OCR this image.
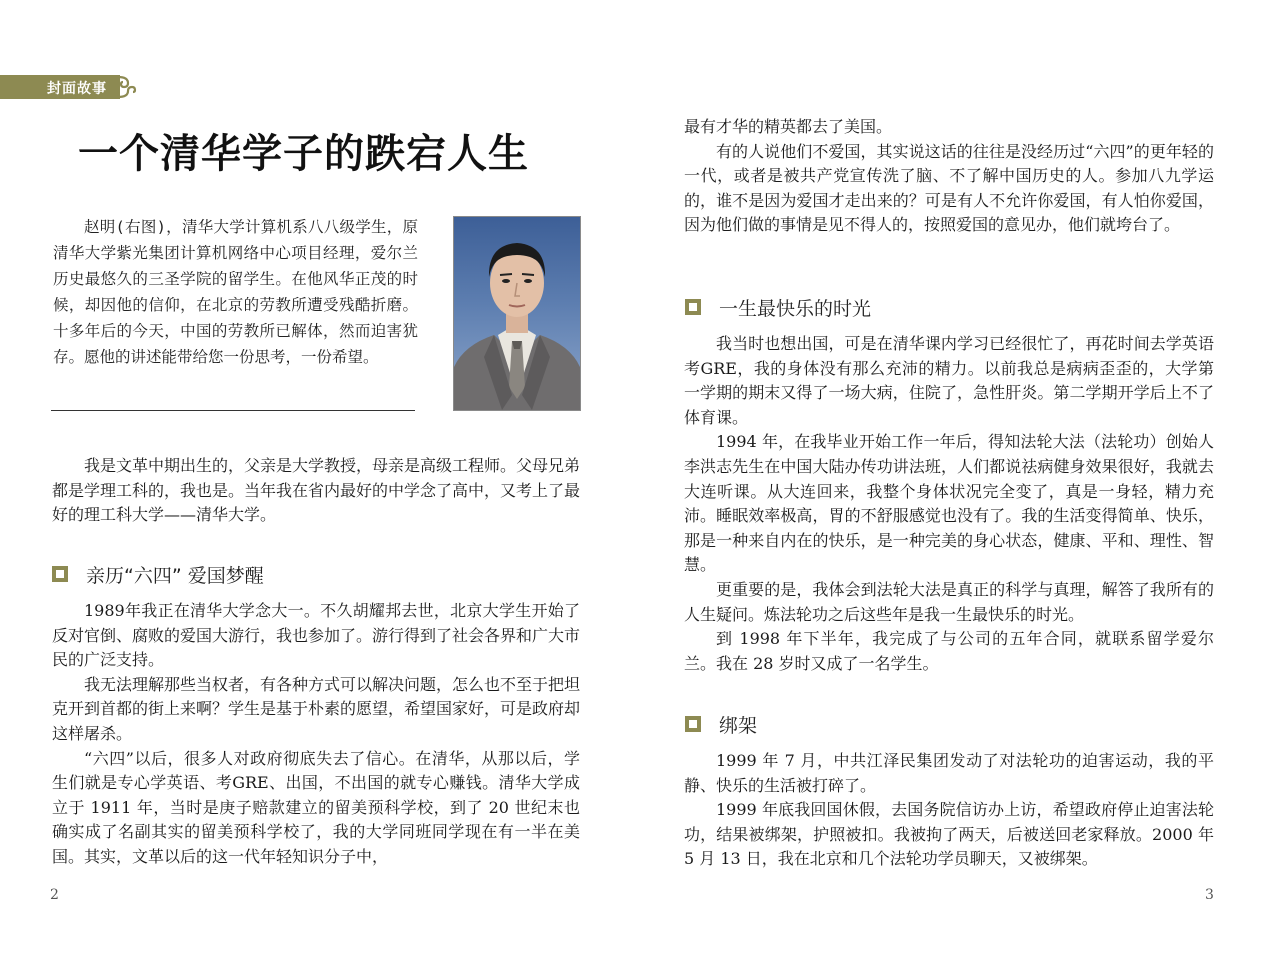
封面故事
一个清华学子的跌宕人生

赵明(右图)，清华大学计算机系八八级学生，原清华大学紫光集团计算机网络中心项目经理，爱尔兰历史最悠久的三圣学院的留学生。在他风华正茂的时候，却因他的信仰，在北京的劳教所遭受残酷折磨。十多年后的今天，中国的劳教所已解体，然而迫害犹存。愿他的讲述能带给您一份思考，一份希望。

我是文革中期出生的，父亲是大学教授，母亲是高级工程师。父母兄弟都是学理工科的，我也是。当年我在省内最好的中学念了高中，又考上了最好的理工科大学——清华大学。

亲历“六四” 爱国梦醒

1989年我正在清华大学念大一。不久胡耀邦去世，北京大学生开始了反对官倒、腐败的爱国大游行，我也参加了。游行得到了社会各界和广大市民的广泛支持。

我无法理解那些当权者，有各种方式可以解决问题，怎么也不至于把坦克开到首都的街上来啊？学生是基于朴素的愿望，希望国家好，可是政府却这样屠杀。

“六四”以后，很多人对政府彻底失去了信心。在清华，从那以后，学生们就是专心学英语、考GRE、出国，不出国的就专心赚钱。清华大学成立于 1911 年，当时是庚子赔款建立的留美预科学校，到了 20 世纪末也确实成了名副其实的留美预科学校了，我的大学同班同学现在有一半在美国。其实，文革以后的这一代年轻知识分子中，

2

最有才华的精英都去了美国。

有的人说他们不爱国，其实说这话的往往是没经历过“六四”的更年轻的一代，或者是被共产党宣传洗了脑、不了解中国历史的人。参加八九学运的，谁不是因为爱国才走出来的？可是有人不允许你爱国，有人怕你爱国，因为他们做的事情是见不得人的，按照爱国的意见办，他们就垮台了。

一生最快乐的时光

我当时也想出国，可是在清华课内学习已经很忙了，再花时间去学英语考GRE，我的身体没有那么充沛的精力。以前我总是病病歪歪的，大学第一学期的期末又得了一场大病，住院了，急性肝炎。第二学期开学后上不了体育课。

1994 年，在我毕业开始工作一年后，得知法轮大法（法轮功）创始人李洪志先生在中国大陆办传功讲法班，人们都说祛病健身效果很好，我就去大连听课。从大连回来，我整个身体状况完全变了，真是一身轻，精力充沛。睡眠效率极高，胃的不舒服感觉也没有了。我的生活变得简单、快乐，那是一种来自内在的快乐，是一种完美的身心状态，健康、平和、理性、智慧。

更重要的是，我体会到法轮大法是真正的科学与真理，解答了我所有的人生疑问。炼法轮功之后这些年是我一生最快乐的时光。

到 1998 年下半年，我完成了与公司的五年合同，就联系留学爱尔兰。我在 28 岁时又成了一名学生。

绑架

1999 年 7 月，中共江泽民集团发动了对法轮功的迫害运动，我的平静、快乐的生活被打碎了。

1999 年底我回国休假，去国务院信访办上访，希望政府停止迫害法轮功，结果被绑架，护照被扣。我被拘了两天，后被送回老家释放。2000 年 5 月 13 日，我在北京和几个法轮功学员聊天，又被绑架。

3
